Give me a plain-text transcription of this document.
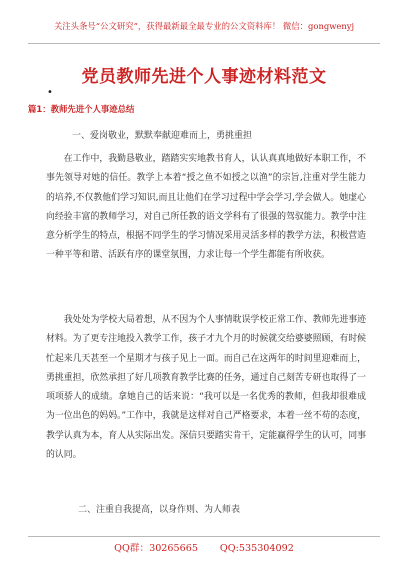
关注头条号“公文研究”，获得最新最全最专业的公文资料库！ 微信：gongwenyj
党员教师先进个人事迹材料范文
•
篇1：教师先进个人事迹总结
一、爱岗敬业，默默奉献迎难而上，勇挑重担
在工作中，我勤恳敬业，踏踏实实地教书育人，认认真真地做好本职工作，不事先领导对她的信任。教学上本着“授之鱼不如授之以渔”的宗旨,注重对学生能力的培养,不仅教他们学习知识,而且让他们在学习过程中学会学习,学会做人。她虚心向经验丰富的教师学习，对自己所任教的语文学科有了很强的驾驭能力。教学中注意分析学生的特点，根据不同学生的学习情况采用灵活多样的教学方法，积极营造一种平等和谐、活跃有序的课堂氛围，力求让每一个学生都能有所收获。
我处处为学校大局着想，从不因为个人事情耽误学校正常工作、教师先进事迹材料。为了更专注地投入教学工作，孩子才九个月的时候就交给婆婆照顾，有时候忙起来几天甚至一个星期才与孩子见上一面。而自己在这两年的时间里迎难而上，勇挑重担，欣然承担了好几项教育教学比赛的任务，通过自己刻苦专研也取得了一项项骄人的成绩。拿她自己的话来说：“我可以是一名优秀的教师，但我却很难成为一位出色的妈妈。”工作中，我就是这样对自己严格要求，本着一丝不苟的态度，教学认真为本，育人从实际出发。深信只要踏实肯干，定能赢得学生的认可，同事的认同。
二、注重自我提高，以身作则、为人师表
QQ群：30265665 QQ:535304092
